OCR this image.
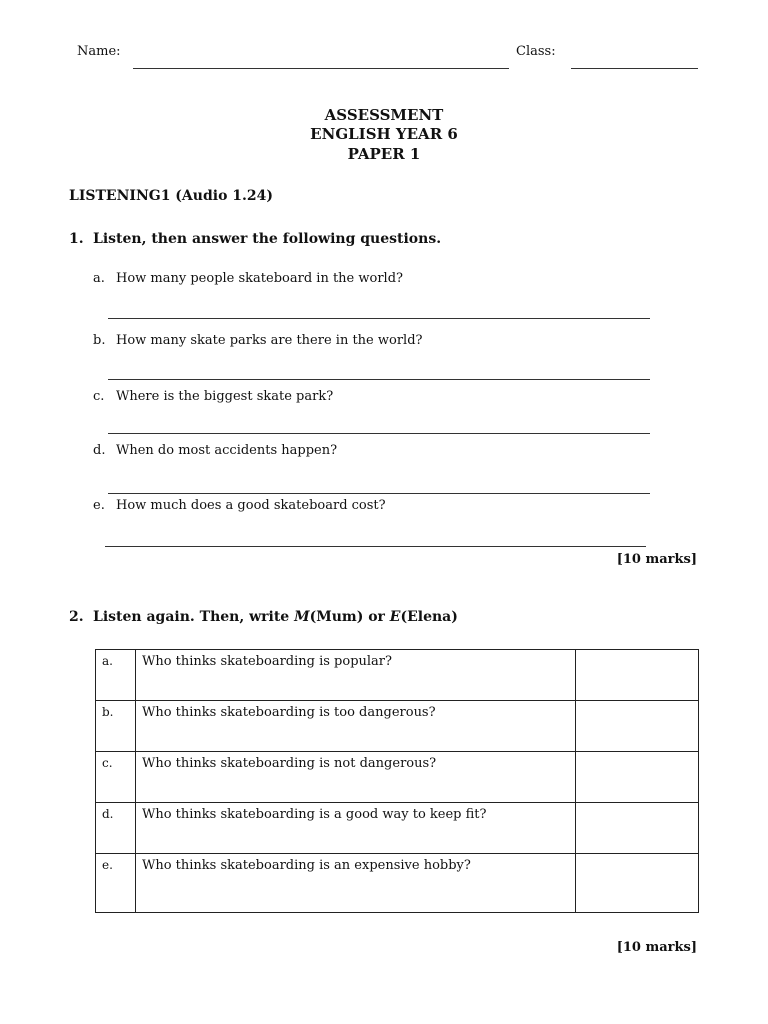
Name:	Class:
ASSESSMENT
ENGLISH YEAR 6
PAPER 1
LISTENING1 (Audio 1.24)
1. Listen, then answer the following questions.
a. How many people skateboard in the world?
b. How many skate parks are there in the world?
c. Where is the biggest skate park?
d. When do most accidents happen?
e. How much does a good skateboard cost?
[10 marks]
2. Listen again. Then, write M(Mum) or E(Elena)
a.	Who thinks skateboarding is popular?	
b.	Who thinks skateboarding is too dangerous?	
c.	Who thinks skateboarding is not dangerous?	
d.	Who thinks skateboarding is a good way to keep fit?	
e.	Who thinks skateboarding is an expensive hobby?	
[10 marks]
